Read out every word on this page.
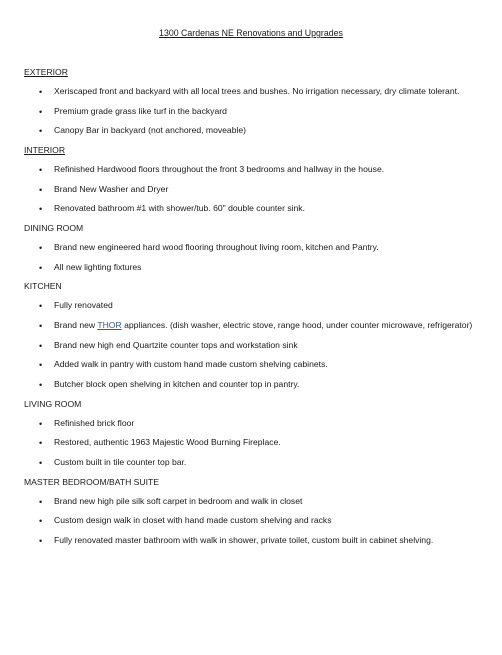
1300 Cardenas NE Renovations and Upgrades
EXTERIOR
• Xeriscaped front and backyard with all local trees and bushes. No irrigation necessary, dry climate tolerant.
• Premium grade grass like turf in the backyard
• Canopy Bar in backyard (not anchored, moveable)
INTERIOR
• Refinished Hardwood floors throughout the front 3 bedrooms and hallway in the house.
• Brand New Washer and Dryer
• Renovated bathroom #1 with shower/tub. 60" double counter sink.
DINING ROOM
• Brand new engineered hard wood flooring throughout living room, kitchen and Pantry.
• All new lighting fixtures
KITCHEN
• Fully renovated
• Brand new THOR appliances. (dish washer, electric stove, range hood, under counter microwave, refrigerator)
• Brand new high end Quartzite counter tops and workstation sink
• Added walk in pantry with custom hand made custom shelving cabinets.
• Butcher block open shelving in kitchen and counter top in pantry.
LIVING ROOM
• Refinished brick floor
• Restored, authentic 1963 Majestic Wood Burning Fireplace.
• Custom built in tile counter top bar.
MASTER BEDROOM/BATH SUITE
• Brand new high pile silk soft carpet in bedroom and walk in closet
• Custom design walk in closet with hand made custom shelving and racks
• Fully renovated master bathroom with walk in shower, private toilet, custom built in cabinet shelving.
